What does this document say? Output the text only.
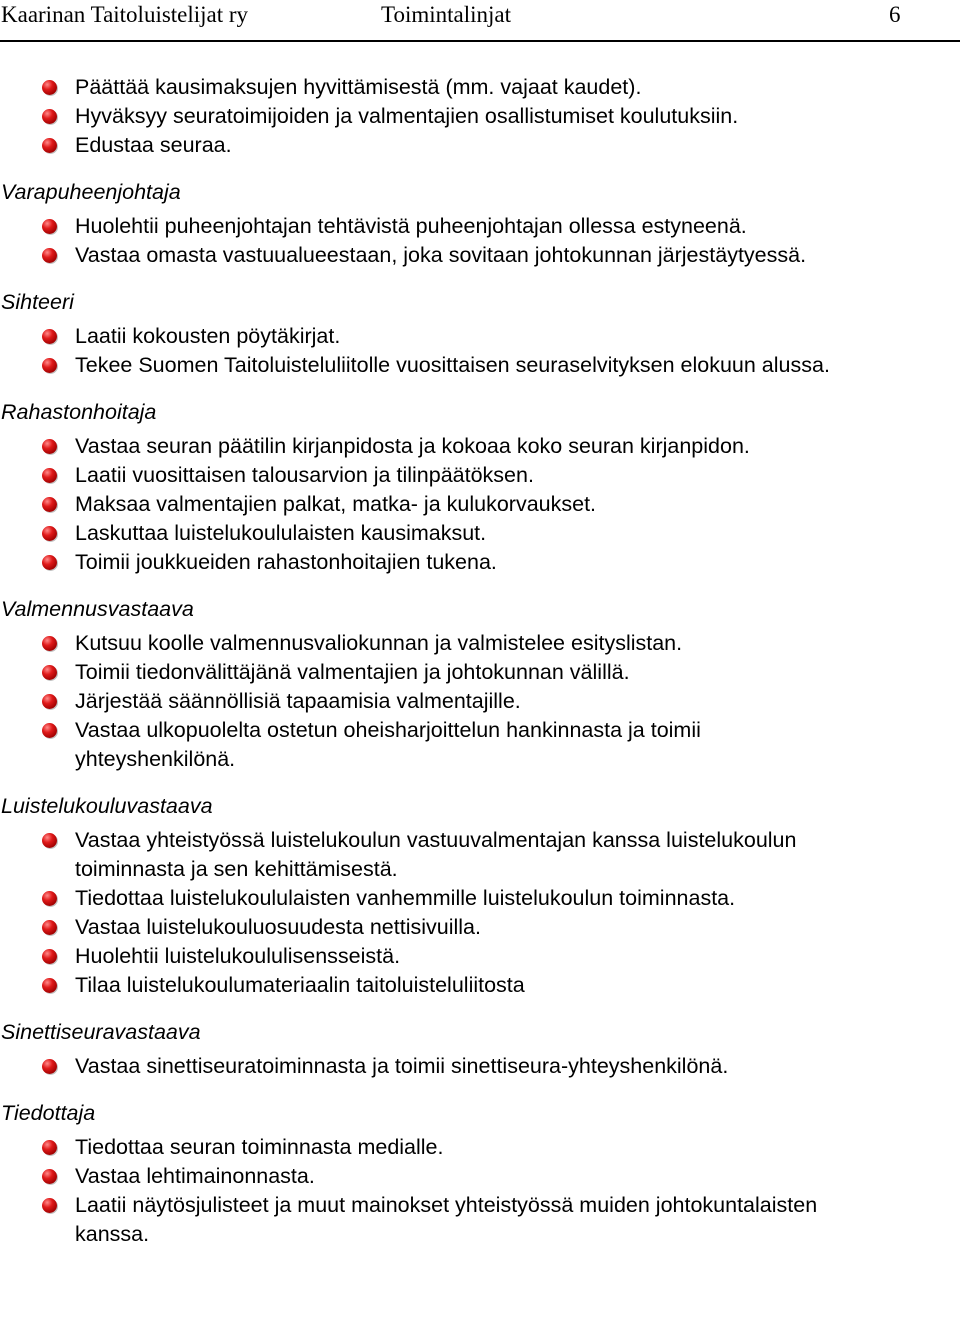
Kaarinan Taitoluistelijat ry	Toimintalinjat	6
Päättää kausimaksujen hyvittämisestä (mm. vajaat kaudet).
Hyväksyy seuratoimijoiden ja valmentajien osallistumiset koulutuksiin.
Edustaa seuraa.
Varapuheenjohtaja
Huolehtii puheenjohtajan tehtävistä puheenjohtajan ollessa estyneenä.
Vastaa omasta vastuualueestaan, joka sovitaan johtokunnan järjestäytyessä.
Sihteeri
Laatii kokousten pöytäkirjat.
Tekee Suomen Taitoluisteluliitolle vuosittaisen seuraselvityksen elokuun alussa.
Rahastonhoitaja
Vastaa seuran päätilin kirjanpidosta ja kokoaa koko seuran kirjanpidon.
Laatii vuosittaisen talousarvion ja tilinpäätöksen.
Maksaa valmentajien palkat, matka- ja kulukorvaukset.
Laskuttaa luistelukoululaisten kausimaksut.
Toimii joukkueiden rahastonhoitajien tukena.
Valmennusvastaava
Kutsuu koolle valmennusvaliokunnan ja valmistelee esityslistan.
Toimii tiedonvälittäjänä valmentajien ja johtokunnan välillä.
Järjestää säännöllisiä tapaamisia valmentajille.
Vastaa ulkopuolelta ostetun oheisharjoittelun hankinnasta ja toimii
yhteyshenkilönä.
Luistelukouluvastaava
Vastaa yhteistyössä luistelukoulun vastuuvalmentajan kanssa luistelukoulun
toiminnasta ja sen kehittämisestä.
Tiedottaa luistelukoululaisten vanhemmille luistelukoulun toiminnasta.
Vastaa luistelukouluosuudesta nettisivuilla.
Huolehtii luistelukoululisensseistä.
Tilaa luistelukoulumateriaalin taitoluisteluliitosta
Sinettiseuravastaava
Vastaa sinettiseuratoiminnasta ja toimii sinettiseura-yhteyshenkilönä.
Tiedottaja
Tiedottaa seuran toiminnasta medialle.
Vastaa lehtimainonnasta.
Laatii näytösjulisteet ja muut mainokset yhteistyössä muiden johtokuntalaisten
kanssa.
